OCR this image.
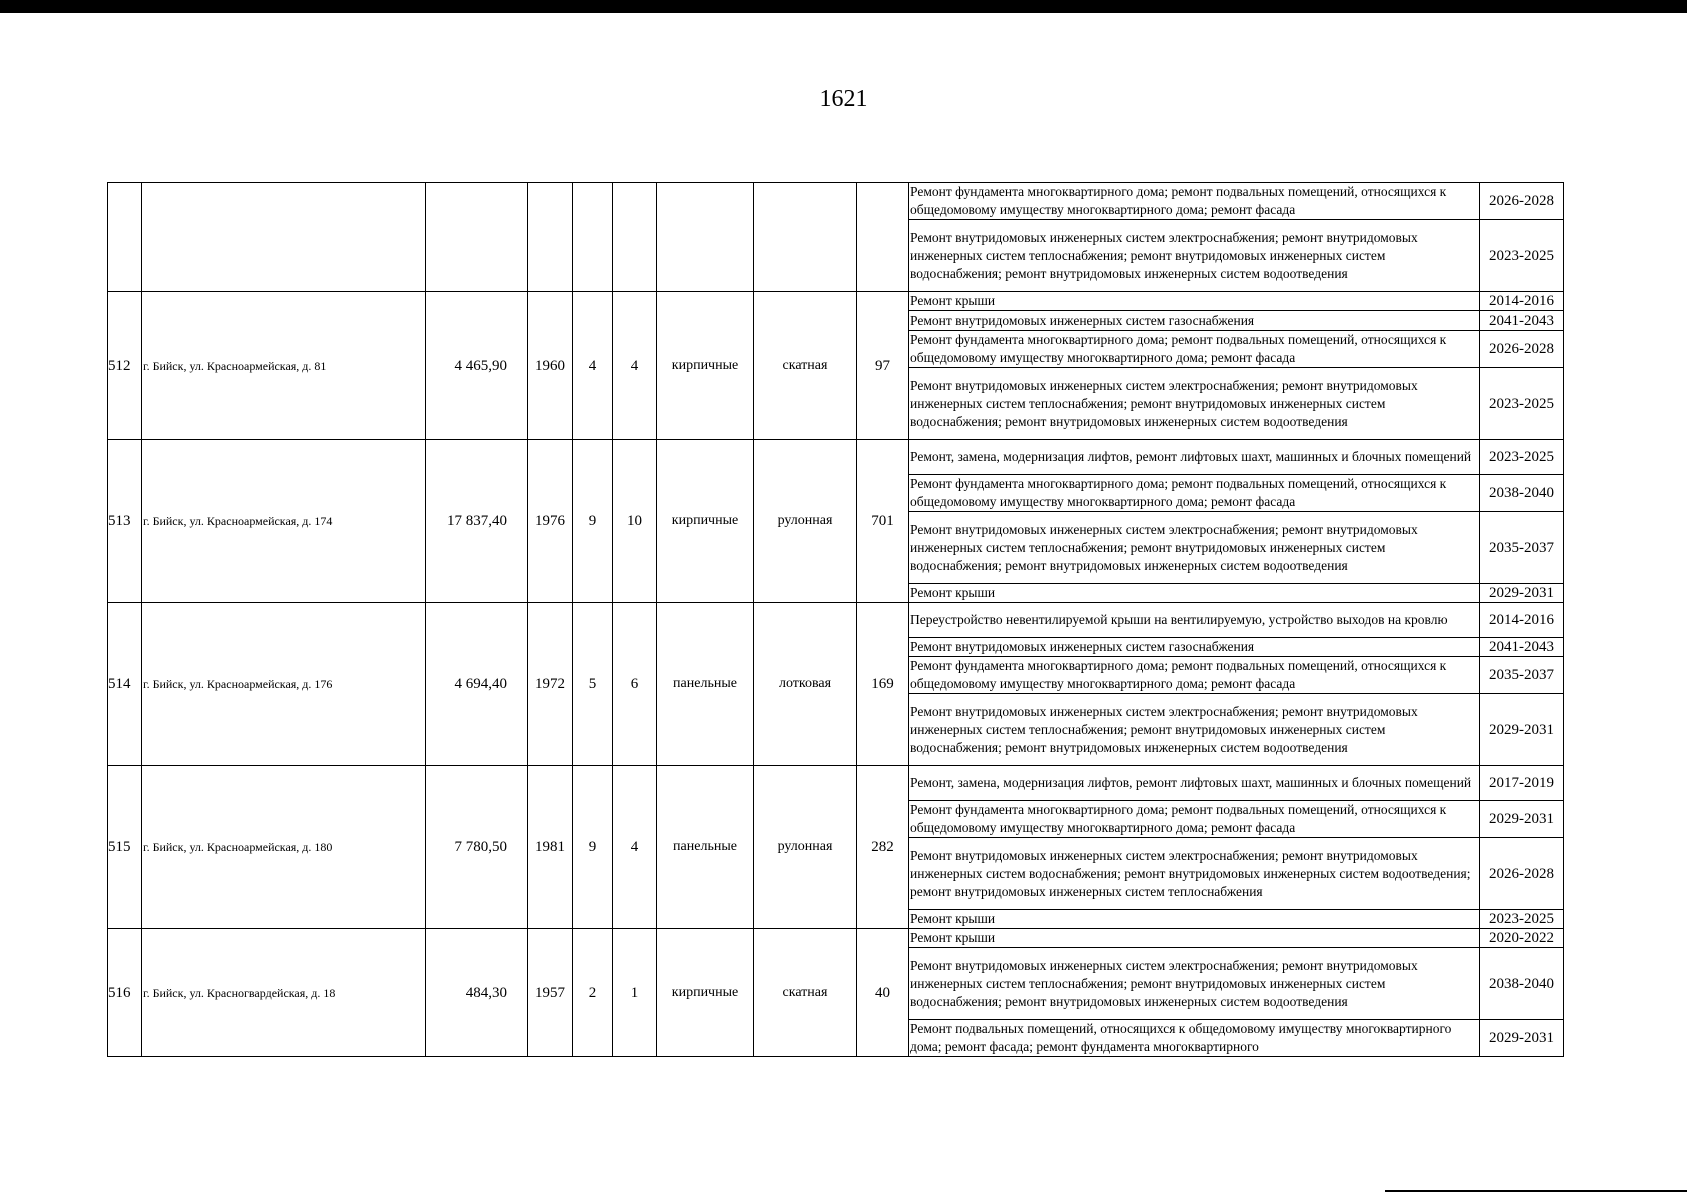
1621
									Ремонт фундамента многоквартирного дома; ремонт подвальных помещений, относящихся к общедомовому имуществу многоквартирного дома; ремонт фасада	2026-2028
									Ремонт внутридомовых инженерных систем электроснабжения; ремонт внутридомовых инженерных систем теплоснабжения; ремонт внутридомовых инженерных систем водоснабжения; ремонт внутридомовых инженерных систем водоотведения	2023-2025
512	г. Бийск, ул. Красноармейская, д. 81	4 465,90	1960	4	4	кирпичные	скатная	97	Ремонт крыши	2014-2016
									Ремонт внутридомовых инженерных систем газоснабжения	2041-2043
									Ремонт фундамента многоквартирного дома; ремонт подвальных помещений, относящихся к общедомовому имуществу многоквартирного дома; ремонт фасада	2026-2028
									Ремонт внутридомовых инженерных систем электроснабжения; ремонт внутридомовых инженерных систем теплоснабжения; ремонт внутридомовых инженерных систем водоснабжения; ремонт внутридомовых инженерных систем водоотведения	2023-2025
513	г. Бийск, ул. Красноармейская, д. 174	17 837,40	1976	9	10	кирпичные	рулонная	701	Ремонт, замена, модернизация лифтов, ремонт лифтовых шахт, машинных и блочных помещений	2023-2025
									Ремонт фундамента многоквартирного дома; ремонт подвальных помещений, относящихся к общедомовому имуществу многоквартирного дома; ремонт фасада	2038-2040
									Ремонт внутридомовых инженерных систем электроснабжения; ремонт внутридомовых инженерных систем теплоснабжения; ремонт внутридомовых инженерных систем водоснабжения; ремонт внутридомовых инженерных систем водоотведения	2035-2037
									Ремонт крыши	2029-2031
514	г. Бийск, ул. Красноармейская, д. 176	4 694,40	1972	5	6	панельные	лотковая	169	Переустройство невентилируемой крыши на вентилируемую, устройство выходов на кровлю	2014-2016
									Ремонт внутридомовых инженерных систем газоснабжения	2041-2043
									Ремонт фундамента многоквартирного дома; ремонт подвальных помещений, относящихся к общедомовому имуществу многоквартирного дома; ремонт фасада	2035-2037
									Ремонт внутридомовых инженерных систем электроснабжения; ремонт внутридомовых инженерных систем теплоснабжения; ремонт внутридомовых инженерных систем водоснабжения; ремонт внутридомовых инженерных систем водоотведения	2029-2031
515	г. Бийск, ул. Красноармейская, д. 180	7 780,50	1981	9	4	панельные	рулонная	282	Ремонт, замена, модернизация лифтов, ремонт лифтовых шахт, машинных и блочных помещений	2017-2019
									Ремонт фундамента многоквартирного дома; ремонт подвальных помещений, относящихся к общедомовому имуществу многоквартирного дома; ремонт фасада	2029-2031
									Ремонт внутридомовых инженерных систем электроснабжения; ремонт внутридомовых инженерных систем водоснабжения; ремонт внутридомовых инженерных систем водоотведения; ремонт внутридомовых инженерных систем теплоснабжения	2026-2028
									Ремонт крыши	2023-2025
516	г. Бийск, ул. Красногвардейская, д. 18	484,30	1957	2	1	кирпичные	скатная	40	Ремонт крыши	2020-2022
									Ремонт внутридомовых инженерных систем электроснабжения; ремонт внутридомовых инженерных систем теплоснабжения; ремонт внутридомовых инженерных систем водоснабжения; ремонт внутридомовых инженерных систем водоотведения	2038-2040
									Ремонт подвальных помещений, относящихся к общедомовому имуществу многоквартирного дома; ремонт фасада; ремонт фундамента многоквартирного	2029-2031
